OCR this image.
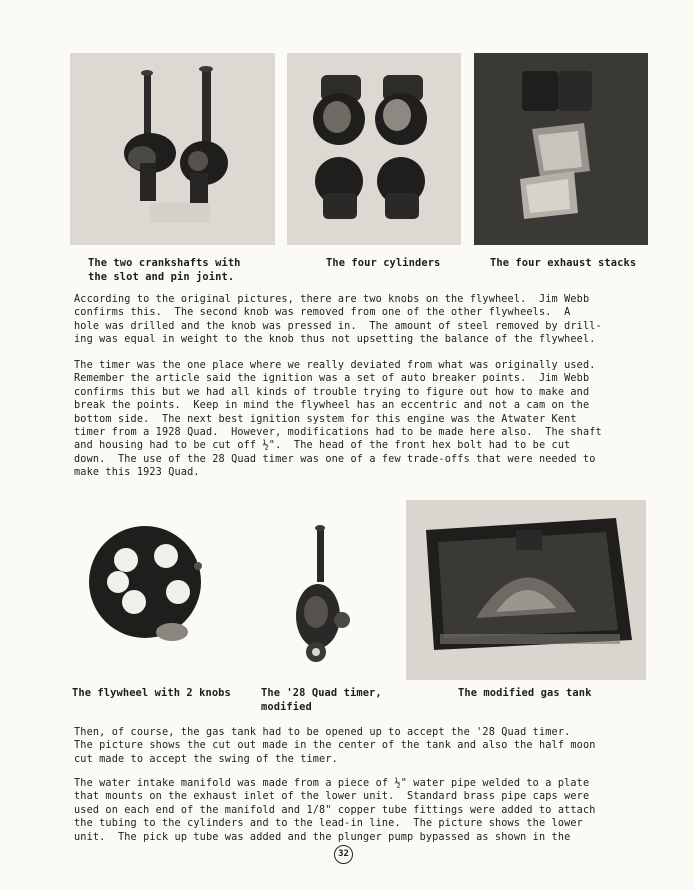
The two crankshafts with
the slot and pin joint.
The four cylinders	The four exhaust stacks
According to the original pictures, there are two knobs on the flywheel.  Jim Webb
confirms this.  The second knob was removed from one of the other flywheels.  A
hole was drilled and the knob was pressed in.  The amount of steel removed by drill-
ing was equal in weight to the knob thus not upsetting the balance of the flywheel.
The timer was the one place where we really deviated from what was originally used.
Remember the article said the ignition was a set of auto breaker points.  Jim Webb
confirms this but we had all kinds of trouble trying to figure out how to make and
break the points.  Keep in mind the flywheel has an eccentric and not a cam on the
bottom side.  The next best ignition system for this engine was the Atwater Kent
timer from a 1928 Quad.  However, modifications had to be made here also.  The shaft
and housing had to be cut off ½".  The head of the front hex bolt had to be cut
down.  The use of the 28 Quad timer was one of a few trade-offs that were needed to
make this 1923 Quad.
The flywheel with 2 knobs	The '28 Quad timer,
modified
The modified gas tank
Then, of course, the gas tank had to be opened up to accept the '28 Quad timer.
The picture shows the cut out made in the center of the tank and also the half moon
cut made to accept the swing of the timer.
The water intake manifold was made from a piece of ½" water pipe welded to a plate
that mounts on the exhaust inlet of the lower unit.  Standard brass pipe caps were
used on each end of the manifold and 1/8" copper tube fittings were added to attach
the tubing to the cylinders and to the lead-in line.  The picture shows the lower
unit.  The pick up tube was added and the plunger pump bypassed as shown in the
32
